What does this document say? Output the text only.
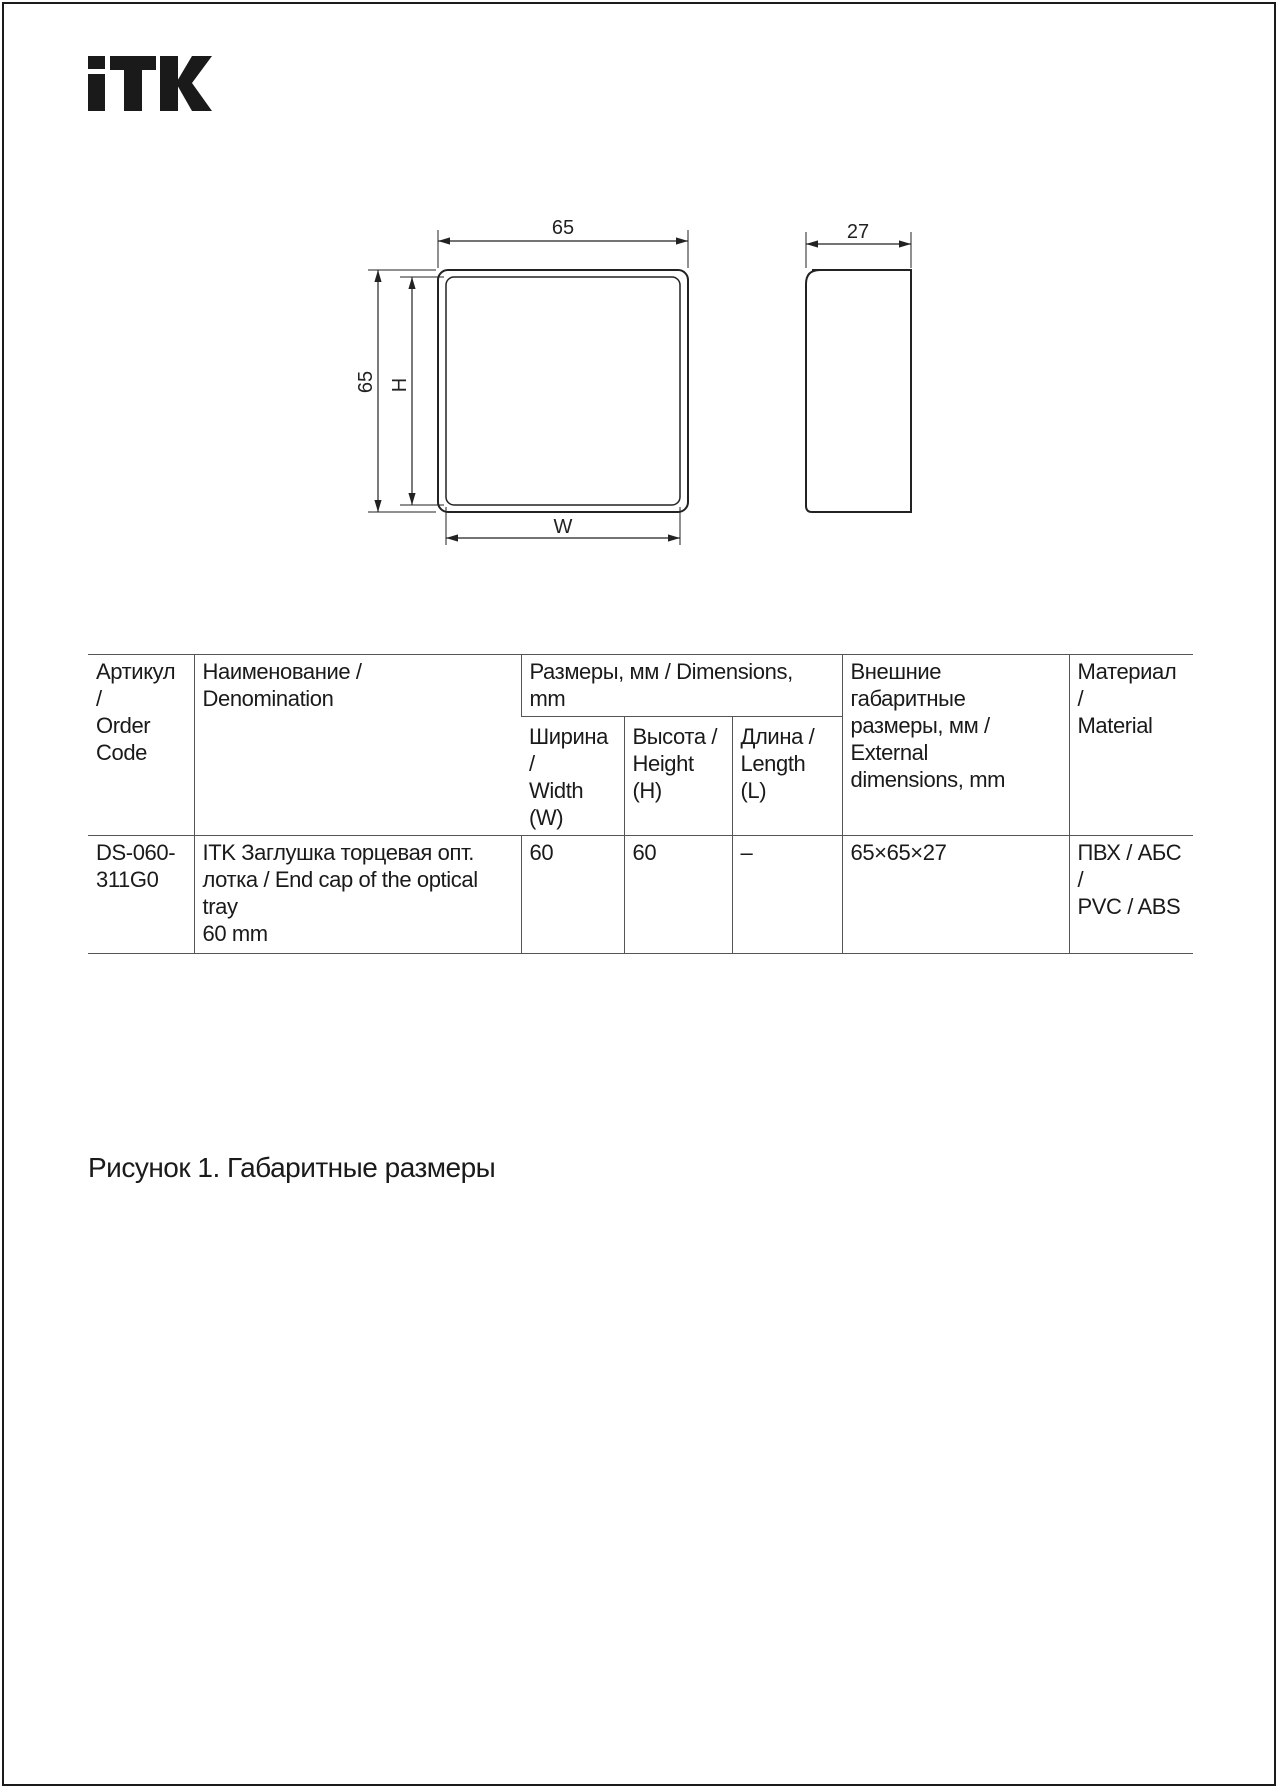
65
65 H
W
27
Артикул /
Order
Code	Наименование /
Denomination	Размеры, мм / Dimensions, mm			Внешние габаритные
размеры, мм / External
dimensions, mm	Материал /
Material
		Ширина /
Width (W)	Высота /
Height (H)	Длина /
Length (L)		
DS-060-
311G0	ITK Заглушка торцевая опт.
лотка / End cap of the optical tray
60 mm	60	60	–	65×65×27	ПВХ / АБС /
PVC / ABS
Рисунок 1. Габаритные размеры
